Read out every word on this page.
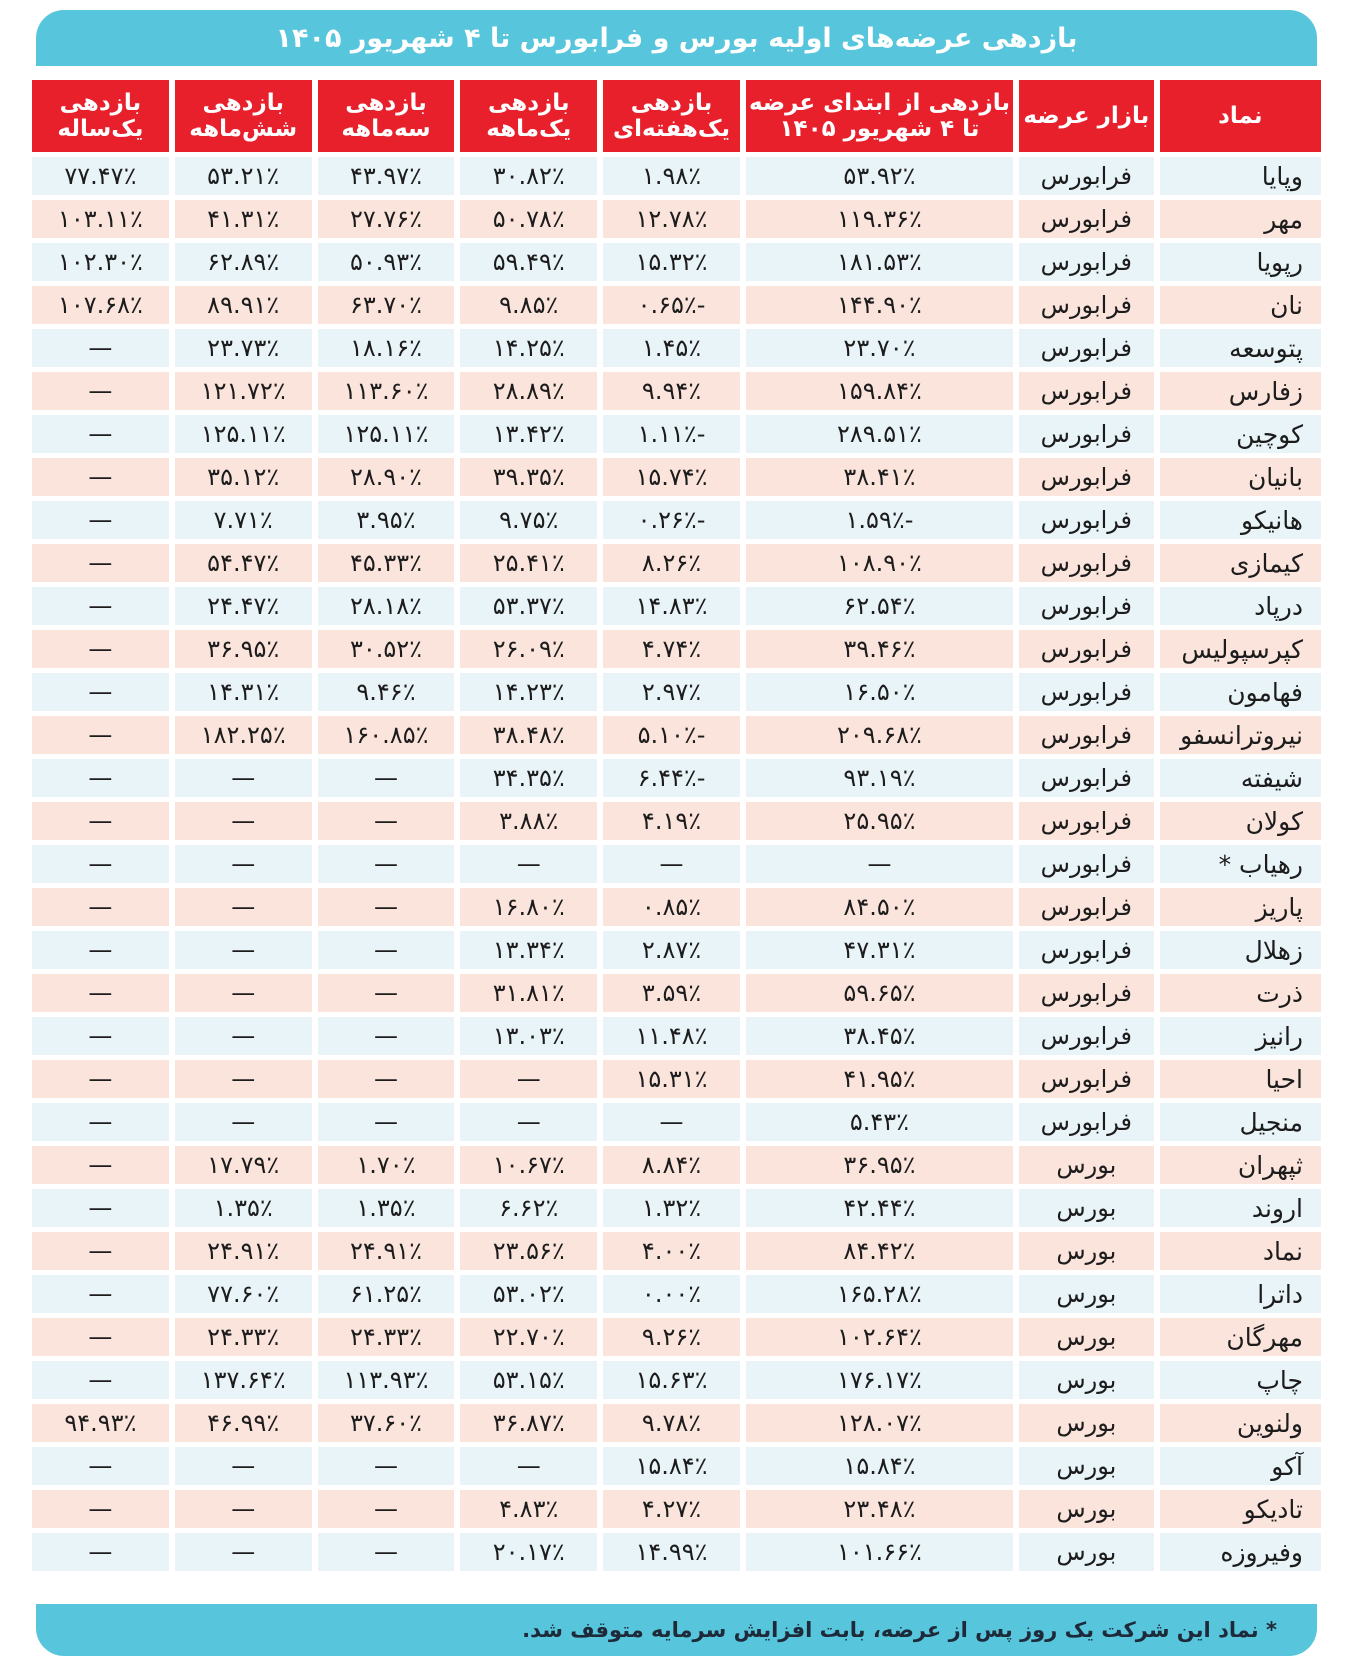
بازدهی عرضه‌های اولیه بورس و فرابورس تا ۴ شهریور ۱۴۰۵
نماد	بازار عرضه	بازدهی از ابتدای عرضه تا ۴ شهریور ۱۴۰۵	بازدهی یک‌هفته‌ای	بازدهی یک‌ماهه	بازدهی سه‌ماهه	بازدهی شش‌ماهه	بازدهی یک‌ساله
وپایا	فرابورس	۵۳.۹۲٪	۱.۹۸٪	۳۰.۸۲٪	۴۳.۹۷٪	۵۳.۲۱٪	۷۷.۴۷٪
مهر	فرابورس	۱۱۹.۳۶٪	۱۲.۷۸٪	۵۰.۷۸٪	۲۷.۷۶٪	۴۱.۳۱٪	۱۰۳.۱۱٪
رپویا	فرابورس	۱۸۱.۵۳٪	۱۵.۳۲٪	۵۹.۴۹٪	۵۰.۹۳٪	۶۲.۸۹٪	۱۰۲.۳۰٪
نان	فرابورس	۱۴۴.۹۰٪	-۰.۶۵٪	۹.۸۵٪	۶۳.۷۰٪	۸۹.۹۱٪	۱۰۷.۶۸٪
پتوسعه	فرابورس	۲۳.۷۰٪	۱.۴۵٪	۱۴.۲۵٪	۱۸.۱۶٪	۲۳.۷۳٪	—
زفارس	فرابورس	۱۵۹.۸۴٪	۹.۹۴٪	۲۸.۸۹٪	۱۱۳.۶۰٪	۱۲۱.۷۲٪	—
کوچین	فرابورس	۲۸۹.۵۱٪	-۱.۱۱٪	۱۳.۴۲٪	۱۲۵.۱۱٪	۱۲۵.۱۱٪	—
بانیان	فرابورس	۳۸.۴۱٪	۱۵.۷۴٪	۳۹.۳۵٪	۲۸.۹۰٪	۳۵.۱۲٪	—
هانیکو	فرابورس	-۱.۵۹٪	-۰.۲۶٪	۹.۷۵٪	۳.۹۵٪	۷.۷۱٪	—
کیمازی	فرابورس	۱۰۸.۹۰٪	۸.۲۶٪	۲۵.۴۱٪	۴۵.۳۳٪	۵۴.۴۷٪	—
درپاد	فرابورس	۶۲.۵۴٪	۱۴.۸۳٪	۵۳.۳۷٪	۲۸.۱۸٪	۲۴.۴۷٪	—
کپرسپولیس	فرابورس	۳۹.۴۶٪	۴.۷۴٪	۲۶.۰۹٪	۳۰.۵۲٪	۳۶.۹۵٪	—
فهامون	فرابورس	۱۶.۵۰٪	۲.۹۷٪	۱۴.۲۳٪	۹.۴۶٪	۱۴.۳۱٪	—
نیروترانسفو	فرابورس	۲۰۹.۶۸٪	-۵.۱۰٪	۳۸.۴۸٪	۱۶۰.۸۵٪	۱۸۲.۲۵٪	—
شیفته	فرابورس	۹۳.۱۹٪	-۶.۴۴٪	۳۴.۳۵٪	—	—	—
کولان	فرابورس	۲۵.۹۵٪	۴.۱۹٪	۳.۸۸٪	—	—	—
رهیاب *	فرابورس	—	—	—	—	—	—
پاریز	فرابورس	۸۴.۵۰٪	۰.۸۵٪	۱۶.۸۰٪	—	—	—
زهلال	فرابورس	۴۷.۳۱٪	۲.۸۷٪	۱۳.۳۴٪	—	—	—
ذرت	فرابورس	۵۹.۶۵٪	۳.۵۹٪	۳۱.۸۱٪	—	—	—
رانیز	فرابورس	۳۸.۴۵٪	۱۱.۴۸٪	۱۳.۰۳٪	—	—	—
احیا	فرابورس	۴۱.۹۵٪	۱۵.۳۱٪	—	—	—	—
منجیل	فرابورس	۵.۴۳٪	—	—	—	—	—
ثپهران	بورس	۳۶.۹۵٪	۸.۸۴٪	۱۰.۶۷٪	۱.۷۰٪	۱۷.۷۹٪	—
اروند	بورس	۴۲.۴۴٪	۱.۳۲٪	۶.۶۲٪	۱.۳۵٪	۱.۳۵٪	—
نماد	بورس	۸۴.۴۲٪	۴.۰۰٪	۲۳.۵۶٪	۲۴.۹۱٪	۲۴.۹۱٪	—
داترا	بورس	۱۶۵.۲۸٪	۰.۰۰٪	۵۳.۰۲٪	۶۱.۲۵٪	۷۷.۶۰٪	—
مهرگان	بورس	۱۰۲.۶۴٪	۹.۲۶٪	۲۲.۷۰٪	۲۴.۳۳٪	۲۴.۳۳٪	—
چاپ	بورس	۱۷۶.۱۷٪	۱۵.۶۳٪	۵۳.۱۵٪	۱۱۳.۹۳٪	۱۳۷.۶۴٪	—
ولنوین	بورس	۱۲۸.۰۷٪	۹.۷۸٪	۳۶.۸۷٪	۳۷.۶۰٪	۴۶.۹۹٪	۹۴.۹۳٪
آکو	بورس	۱۵.۸۴٪	۱۵.۸۴٪	—	—	—	—
تادیکو	بورس	۲۳.۴۸٪	۴.۲۷٪	۴.۸۳٪	—	—	—
وفیروزه	بورس	۱۰۱.۶۶٪	۱۴.۹۹٪	۲۰.۱۷٪	—	—	—
* نماد این شرکت یک روز پس از عرضه، بابت افزایش سرمایه متوقف شد.
